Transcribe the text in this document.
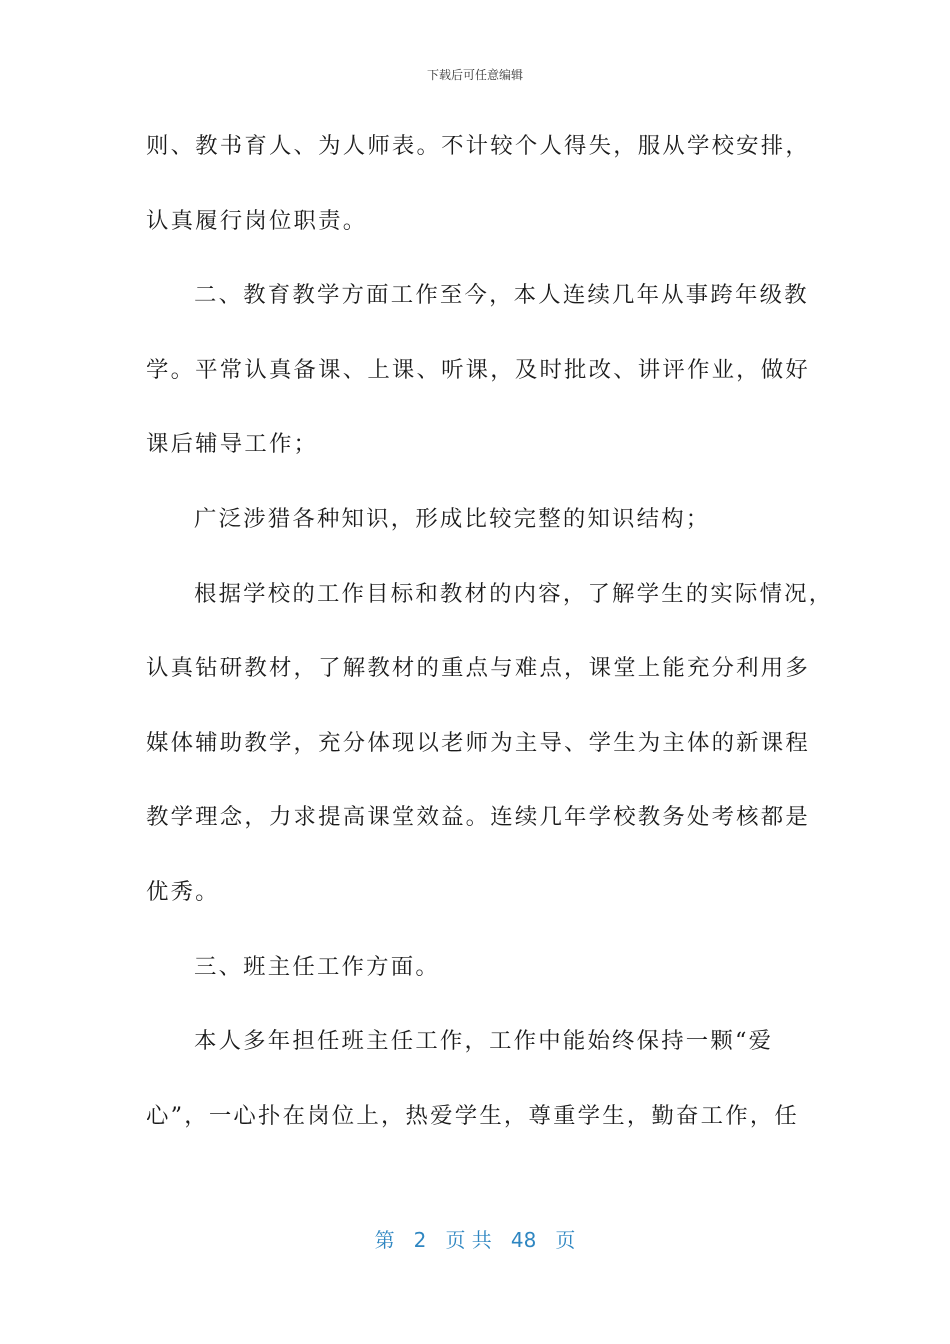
下载后可任意编辑
则、教书育人、为人师表。不计较个人得失，服从学校安排，
认真履行岗位职责。
二、教育教学方面工作至今，本人连续几年从事跨年级教
学。平常认真备课、上课、听课，及时批改、讲评作业，做好
课后辅导工作；
广泛涉猎各种知识，形成比较完整的知识结构；
根据学校的工作目标和教材的内容，了解学生的实际情况，
认真钻研教材，了解教材的重点与难点，课堂上能充分利用多
媒体辅助教学，充分体现以老师为主导、学生为主体的新课程
教学理念，力求提高课堂效益。连续几年学校教务处考核都是
优秀。
三、班主任工作方面。
本人多年担任班主任工作，工作中能始终保持一颗“爱
心”，一心扑在岗位上，热爱学生，尊重学生，勤奋工作，任
第 2 页 共 48 页
